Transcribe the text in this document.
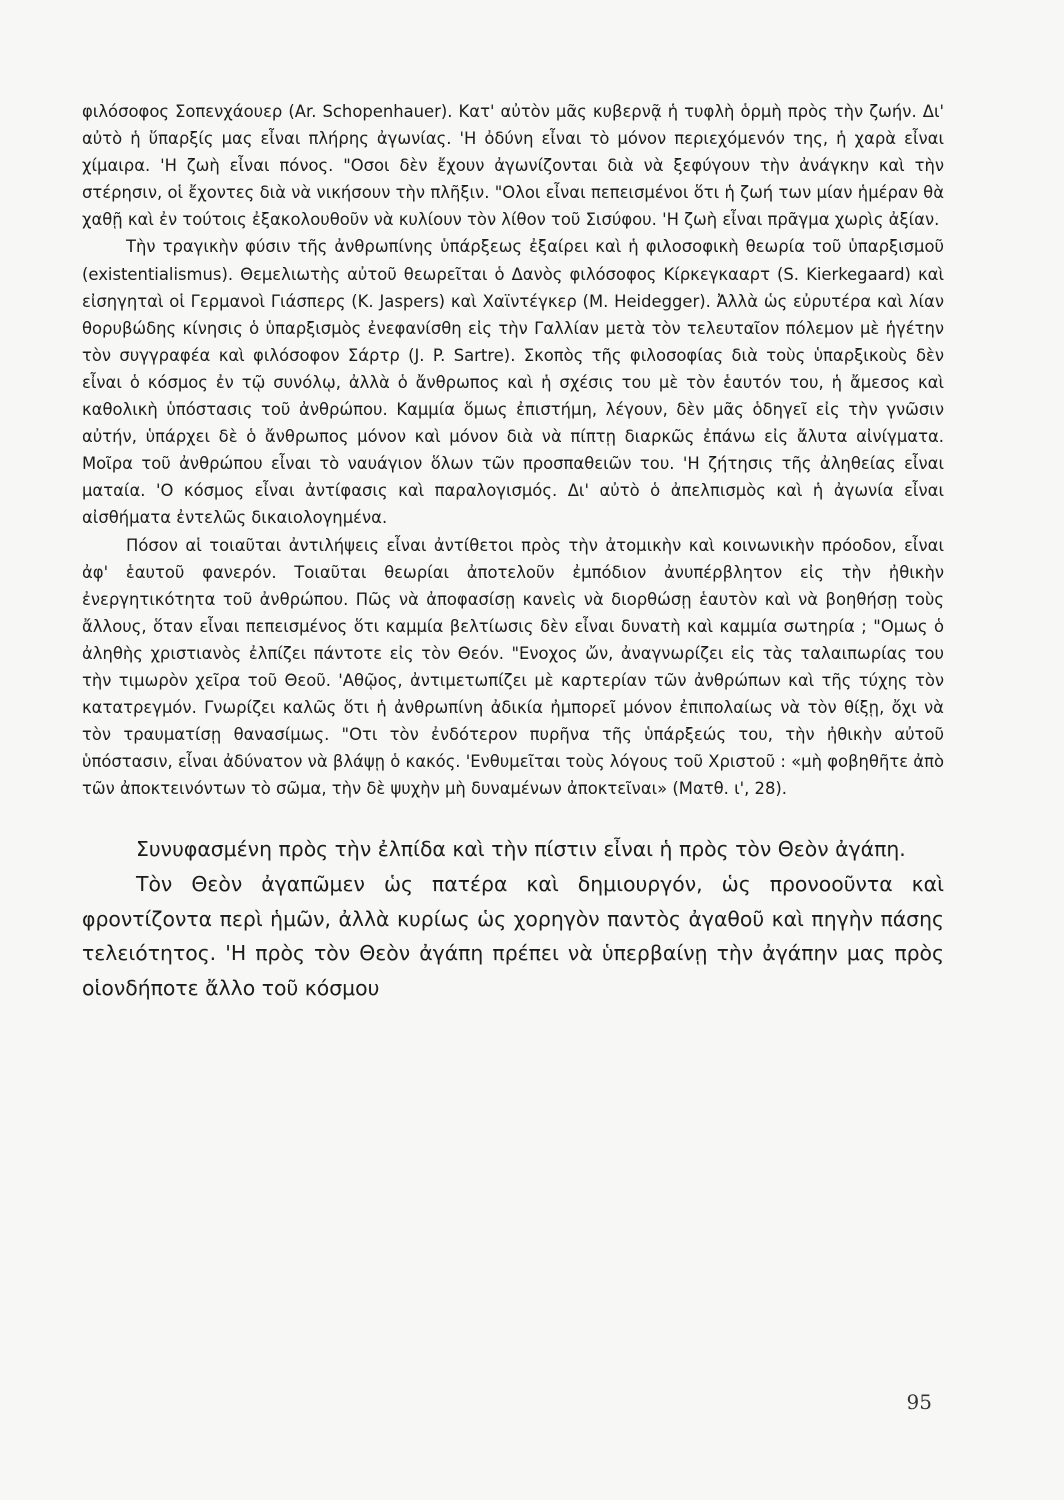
φιλόσοφος Σοπενχάουερ (Ar. Schopenhauer). Κατ' αὐτὸν μᾶς κυβερνᾷ ἡ τυφλὴ ὁρμὴ πρὸς τὴν ζωήν. Δι' αὐτὸ ἡ ὕπαρξίς μας εἶναι πλήρης ἀγωνίας. 'Η ὀδύνη εἶναι τὸ μόνον περιεχόμενόν της, ἡ χαρὰ εἶναι χίμαιρα. 'Η ζωὴ εἶναι πόνος. "Οσοι δὲν ἔχουν ἀγωνίζονται διὰ νὰ ξεφύγουν τὴν ἀνάγκην καὶ τὴν στέρησιν, οἱ ἔχοντες διὰ νὰ νικήσουν τὴν πλῆξιν. "Ολοι εἶναι πεπεισμένοι ὅτι ἡ ζωή των μίαν ἡμέραν θὰ χαθῇ καὶ ἐν τούτοις ἐξακολουθοῦν νὰ κυλίουν τὸν λίθον τοῦ Σισύφου. 'Η ζωὴ εἶναι πρᾶγμα χωρὶς ἀξίαν.

Τὴν τραγικὴν φύσιν τῆς ἀνθρωπίνης ὑπάρξεως ἐξαίρει καὶ ἡ φιλοσοφικὴ θεωρία τοῦ ὑπαρξισμοῦ (existentialismus). Θεμελιωτὴς αὐτοῦ θεωρεῖται ὁ Δανὸς φιλόσοφος Κίρκεγκααρτ (S. Kierkegaard) καὶ εἰσηγηταὶ οἱ Γερμανοὶ Γιάσπερς (K. Jaspers) καὶ Χαϊντέγκερ (M. Heidegger). Ἀλλὰ ὡς εὐρυτέρα καὶ λίαν θορυβώδης κίνησις ὁ ὑπαρξισμὸς ἐνεφανίσθη εἰς τὴν Γαλλίαν μετὰ τὸν τελευταῖον πόλεμον μὲ ἡγέτην τὸν συγγραφέα καὶ φιλόσοφον Σάρτρ (J. P. Sartre). Σκοπὸς τῆς φιλοσοφίας διὰ τοὺς ὑπαρξικοὺς δὲν εἶναι ὁ κόσμος ἐν τῷ συνόλῳ, ἀλλὰ ὁ ἄνθρωπος καὶ ἡ σχέσις του μὲ τὸν ἑαυτόν του, ἡ ἄμεσος καὶ καθολικὴ ὑπόστασις τοῦ ἀνθρώπου. Καμμία ὅμως ἐπιστήμη, λέγουν, δὲν μᾶς ὁδηγεῖ εἰς τὴν γνῶσιν αὐτήν, ὑπάρχει δὲ ὁ ἄνθρωπος μόνον καὶ μόνον διὰ νὰ πίπτῃ διαρκῶς ἐπάνω εἰς ἄλυτα αἰνίγματα. Μοῖρα τοῦ ἀνθρώπου εἶναι τὸ ναυάγιον ὅλων τῶν προσπαθειῶν του. 'Η ζήτησις τῆς ἀληθείας εἶναι ματαία. 'Ο κόσμος εἶναι ἀντίφασις καὶ παραλογισμός. Δι' αὐτὸ ὁ ἀπελπισμὸς καὶ ἡ ἀγωνία εἶναι αἰσθήματα ἐντελῶς δικαιολογημένα.

Πόσον αἱ τοιαῦται ἀντιλήψεις εἶναι ἀντίθετοι πρὸς τὴν ἀτομικὴν καὶ κοινωνικὴν πρόοδον, εἶναι ἀφ' ἑαυτοῦ φανερόν. Τοιαῦται θεωρίαι ἀποτελοῦν ἐμπόδιον ἀνυπέρβλητον εἰς τὴν ἠθικὴν ἐνεργητικότητα τοῦ ἀνθρώπου. Πῶς νὰ ἀποφασίσῃ κανεὶς νὰ διορθώσῃ ἑαυτὸν καὶ νὰ βοηθήσῃ τοὺς ἄλλους, ὅταν εἶναι πεπεισμένος ὅτι καμμία βελτίωσις δὲν εἶναι δυνατὴ καὶ καμμία σωτηρία ; "Ομως ὁ ἀληθὴς χριστιανὸς ἐλπίζει πάντοτε εἰς τὸν Θεόν. "Ενοχος ὤν, ἀναγνωρίζει εἰς τὰς ταλαιπωρίας του τὴν τιμωρὸν χεῖρα τοῦ Θεοῦ. 'Αθῷος, ἀντιμετωπίζει μὲ καρτερίαν τῶν ἀνθρώπων καὶ τῆς τύχης τὸν κατατρεγμόν. Γνωρίζει καλῶς ὅτι ἡ ἀνθρωπίνη ἀδικία ἠμπορεῖ μόνον ἐπιπολαίως νὰ τὸν θίξῃ, ὄχι νὰ τὸν τραυματίσῃ θανασίμως. "Οτι τὸν ἐνδότερον πυρῆνα τῆς ὑπάρξεώς του, τὴν ἠθικὴν αὐτοῦ ὑπόστασιν, εἶναι ἀδύνατον νὰ βλάψῃ ὁ κακός. 'Ενθυμεῖται τοὺς λόγους τοῦ Χριστοῦ : «μὴ φοβηθῆτε ἀπὸ τῶν ἀποκτεινόντων τὸ σῶμα, τὴν δὲ ψυχὴν μὴ δυναμένων ἀποκτεῖναι» (Ματθ. ι', 28).

Συνυφασμένη πρὸς τὴν ἐλπίδα καὶ τὴν πίστιν εἶναι ἡ πρὸς τὸν Θεὸν ἀγάπη.

Τὸν Θεὸν ἀγαπῶμεν ὡς πατέρα καὶ δημιουργόν, ὡς προνοοῦντα καὶ φροντίζοντα περὶ ἡμῶν, ἀλλὰ κυρίως ὡς χορηγὸν παντὸς ἀγαθοῦ καὶ πηγὴν πάσης τελειότητος. 'Η πρὸς τὸν Θεὸν ἀγάπη πρέπει νὰ ὑπερβαίνῃ τὴν ἀγάπην μας πρὸς οἱονδήποτε ἄλλο τοῦ κόσμου

95
